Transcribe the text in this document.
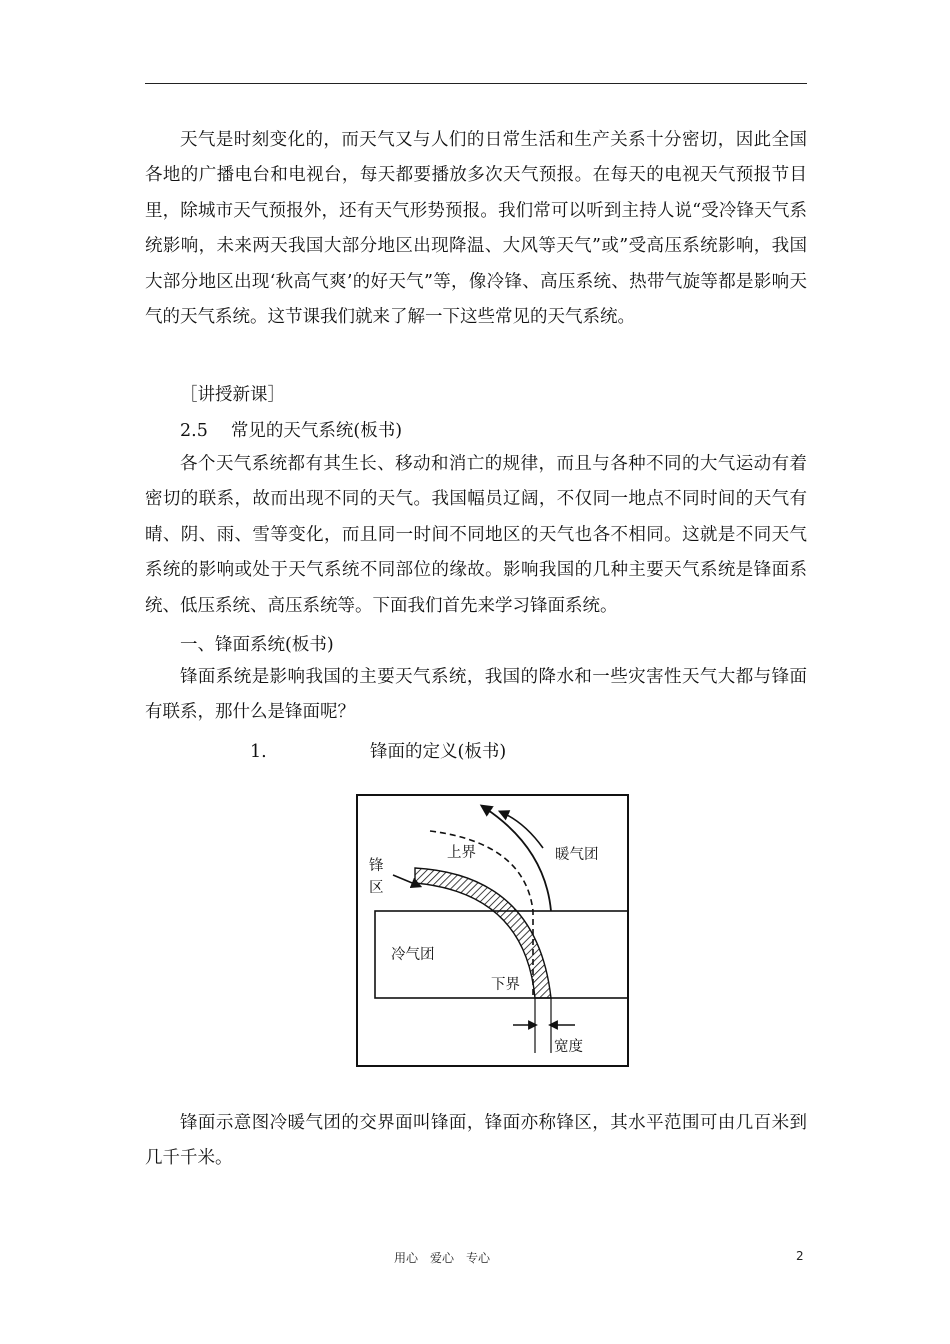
天气是时刻变化的，而天气又与人们的日常生活和生产关系十分密切，因此全国各地的广播电台和电视台，每天都要播放多次天气预报。在每天的电视天气预报节目里，除城市天气预报外，还有天气形势预报。我们常可以听到主持人说“受冷锋天气系统影响，未来两天我国大部分地区出现降温、大风等天气”或”受高压系统影响，我国大部分地区出现‘秋高气爽’的好天气”等，像冷锋、高压系统、热带气旋等都是影响天气的天气系统。这节课我们就来了解一下这些常见的天气系统。

［讲授新课］
2.5　 常见的天气系统(板书)

各个天气系统都有其生长、移动和消亡的规律，而且与各种不同的大气运动有着密切的联系，故而出现不同的天气。我国幅员辽阔，不仅同一地点不同时间的天气有晴、阴、雨、雪等变化，而且同一时间不同地区的天气也各不相同。这就是不同天气系统的影响或处于天气系统不同部位的缘故。影响我国的几种主要天气系统是锋面系统、低压系统、高压系统等。下面我们首先来学习锋面系统。

一、锋面系统(板书)

锋面系统是影响我国的主要天气系统，我国的降水和一些灾害性天气大都与锋面有联系，那什么是锋面呢？

1.	锋面的定义(板书)
锋
区
上界	暖气团
冷气团
下界
宽度

锋面示意图冷暖气团的交界面叫锋面，锋面亦称锋区，其水平范围可由几百米到几千千米。

用心　爱心　专心	2
